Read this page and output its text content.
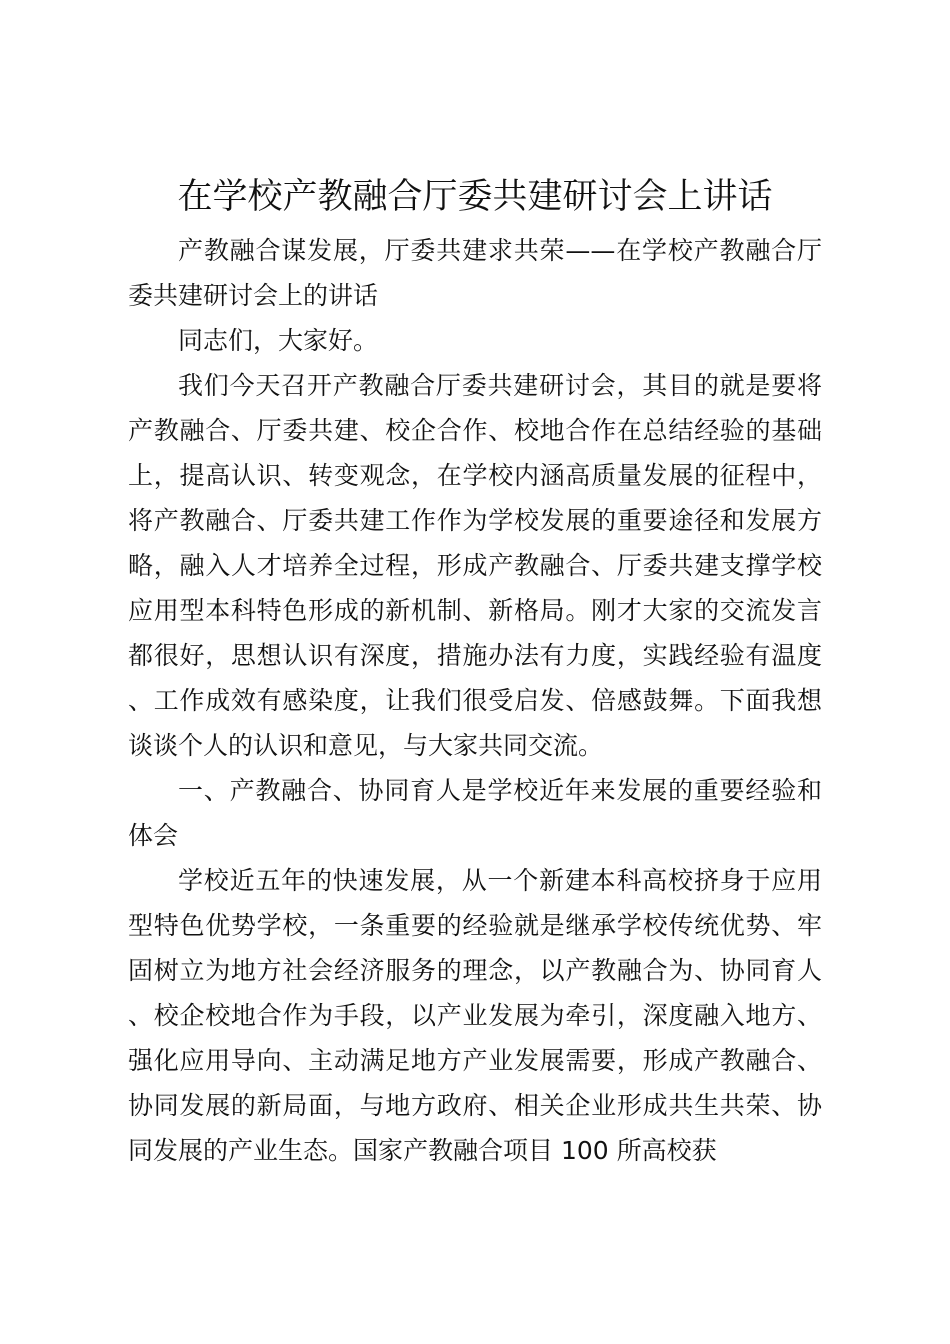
在学校产教融合厅委共建研讨会上讲话

产教融合谋发展，厅委共建求共荣——在学校产教融合厅委共建研讨会上的讲话

同志们，大家好。

我们今天召开产教融合厅委共建研讨会，其目的就是要将产教融合、厅委共建、校企合作、校地合作在总结经验的基础上，提高认识、转变观念，在学校内涵高质量发展的征程中，将产教融合、厅委共建工作作为学校发展的重要途径和发展方略，融入人才培养全过程，形成产教融合、厅委共建支撑学校应用型本科特色形成的新机制、新格局。刚才大家的交流发言都很好，思想认识有深度，措施办法有力度，实践经验有温度、工作成效有感染度，让我们很受启发、倍感鼓舞。下面我想谈谈个人的认识和意见，与大家共同交流。

一、产教融合、协同育人是学校近年来发展的重要经验和体会

学校近五年的快速发展，从一个新建本科高校挤身于应用型特色优势学校，一条重要的经验就是继承学校传统优势、牢固树立为地方社会经济服务的理念，以产教融合为、协同育人、校企校地合作为手段，以产业发展为牵引，深度融入地方、强化应用导向、主动满足地方产业发展需要，形成产教融合、协同发展的新局面，与地方政府、相关企业形成共生共荣、协同发展的产业生态。国家产教融合项目 100 所高校获
